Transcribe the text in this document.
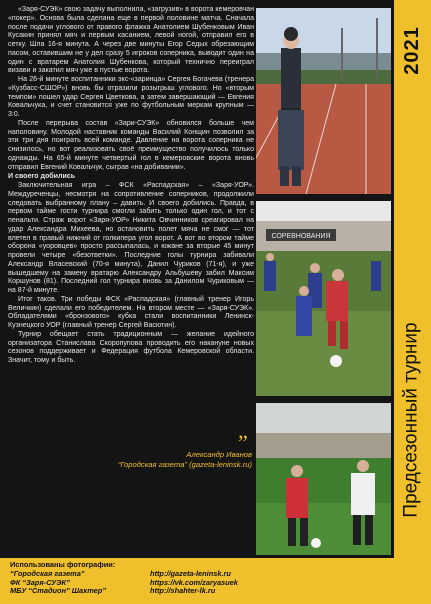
«Заря-СУЭК» свою задачу выполнила, «загрузив» в ворота кемеровчан «покер». Основа была сделана еще в первой половине матча. Сначала после подачи углового от правого флажка Анатолием Шубенковым Иван Кусакин принял мяч и первым касанием, левой ногой, отправил его в сетку. Шла 16-я минута. А через две минуты Егор Седых обрезающим пасом, оставившим не у дел сразу 5 игроков соперника, выводит один на один с вратарем Анатолия Шубенкова, который технично переиграл визави и закатил мяч уже в пустые ворота.

На 26-й минуте воспитанники экс-«заринца» Сергея Богачева (тренера «Кузбасс-СШОР») вновь бы отразили розыгрыш углового. Но «вторым темпом» пошел удар Сергея Цветкова, а затем завершающий — Евгения Ковальчука, и счет становится уже по футбольным меркам крупным — 3:0.

После перерыва состав «Зари-СУЭК» обновился больше чем наполовину. Молодой наставник команды Василий Конщин позволил за эти три дня поиграть всей команде. Давление на ворота соперника не снизилось, но вот реализовать своё преимущество получилось только однажды. На 65-й минуте четвертый гол в кемеровские ворота вновь отправил Евгений Ковальчук, сыграв «на добивании».

И своего добились

Заключительная игра – ФСК «Распадская» – «Заря-УОР». Междуреченцы, несмотря на сопротивление соперников, продолжили следовать выбранному плану – давить. И своего добились. Правда, в первом тайме гости турнира смогли забить только один гол, и тот с пенальти. Страж ворот «Заря-УОР» Никита Овчинников среагировал на удар Александра Михеева, но остановить полет мяча не смог — тот влетел в правый нижний от голкипера угол ворот. А вот во втором тайме оборона «уоровцев» просто рассыпалась, и южане за вторые 45 минут провели четыре «безответки». Последние голы турнира забивали Александр Власевский (70-я минута), Данил Чуриков (71-я), и уже вышедшему на замену вратарю Александру Альбушеву забил Максим Коршунов (81). Последний гол турнира вновь за Данилом Чуриковым — на 87-й минуте.

Итог таков. Три победы ФСК «Распадская» (главный тренер Игорь Величкин) сделали его победителем. На втором месте — «Заря-СУЭК». Обладателями «бронзового» кубка стали воспитанники Ленинск-Кузнецкого УОР (главный тренер Сергей Васютин).

Турнир обещает стать традиционным — желание идейного организатора Станислава Скоропупова проводить его накануне новых сезонов поддерживает и Федерация футбола Кемеровской области. Значит, тому и быть.

СОРЕВНОВАНИЯ
2021
Предсезонный турнир
”
Александр Иванов
“Городская газета” (gazeta-leninsk.ru)
Использованы фотографии:
“Городская газета”
ФК “Заря-СУЭК”
МБУ “Стадион” Шахтер”
http://gazeta-leninsk.ru
https://vk.com/zaryasuek
http://shahter-lk.ru
